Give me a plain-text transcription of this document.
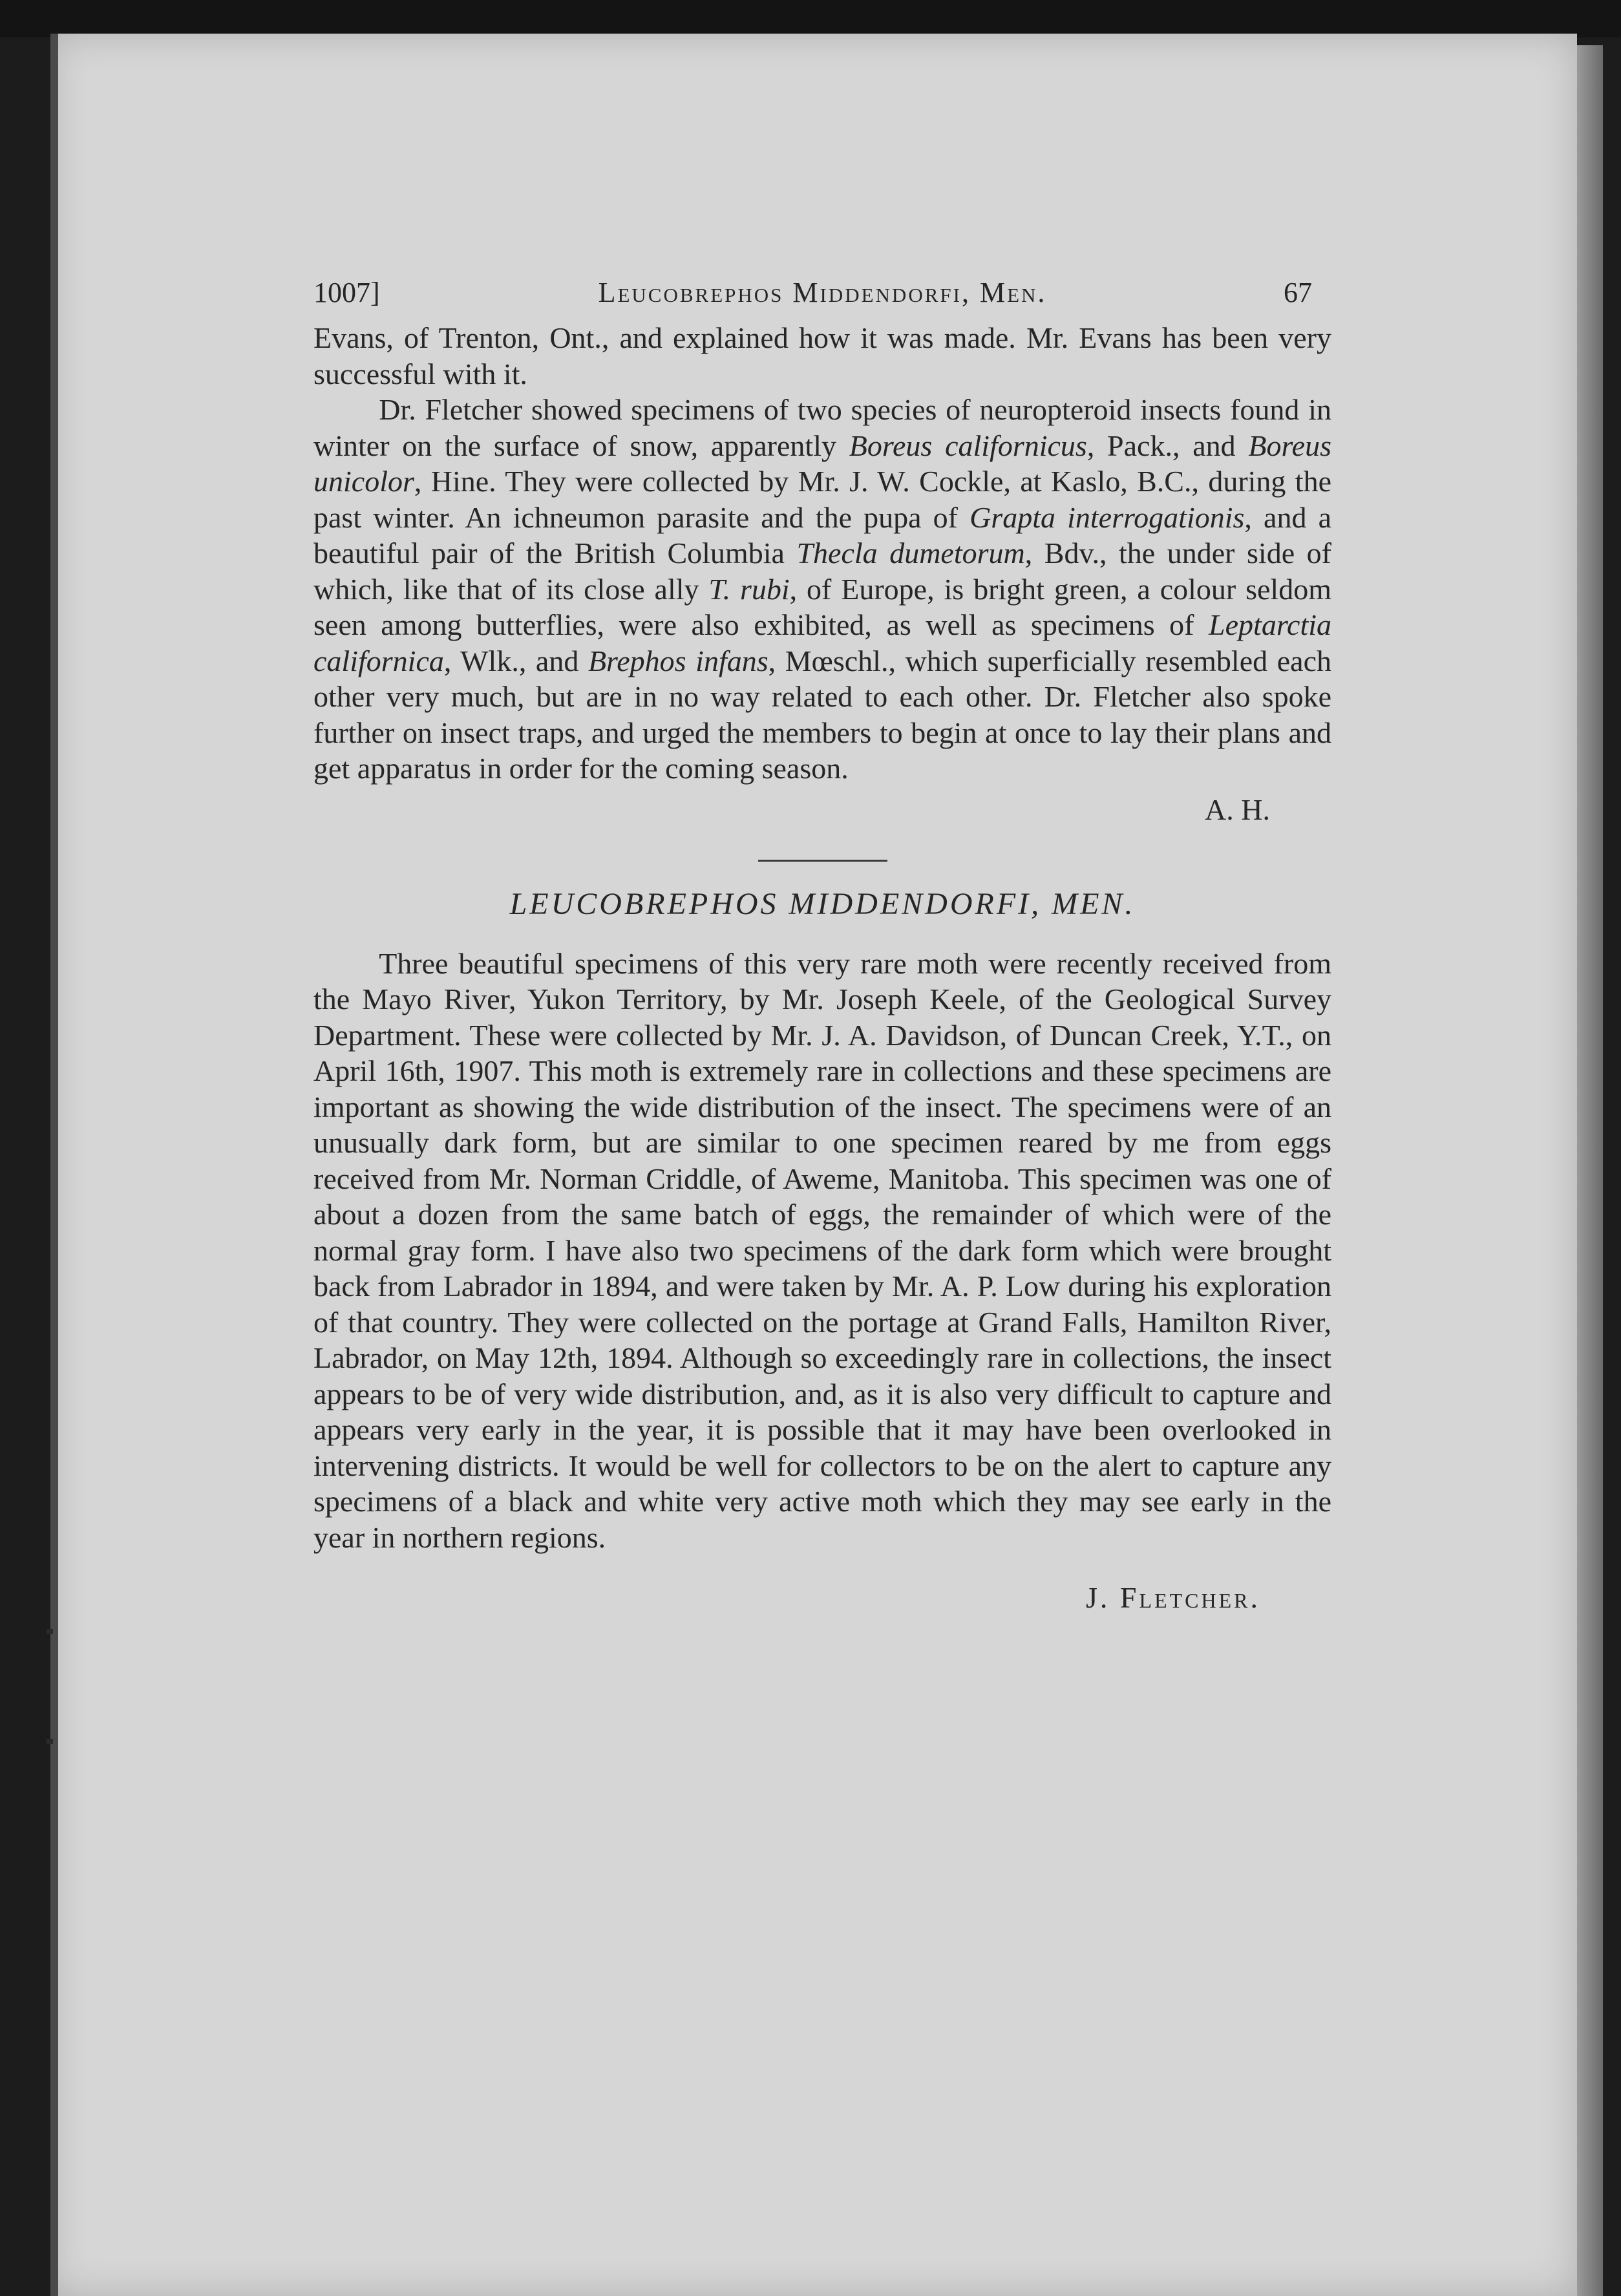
1007]	Leucobrephos Middendorfi, Men.	67

Evans, of Trenton, Ont., and explained how it was made. Mr. Evans has been very successful with it.

Dr. Fletcher showed specimens of two species of neuropteroid insects found in winter on the surface of snow, apparently Boreus californicus, Pack., and Boreus unicolor, Hine. They were collected by Mr. J. W. Cockle, at Kaslo, B.C., during the past winter. An ichneumon parasite and the pupa of Grapta interrogationis, and a beautiful pair of the British Columbia Thecla dumetorum, Bdv., the under side of which, like that of its close ally T. rubi, of Europe, is bright green, a colour seldom seen among butterflies, were also exhibited, as well as specimens of Leptarctia californica, Wlk., and Brephos infans, Mœschl., which superficially resembled each other very much, but are in no way related to each other. Dr. Fletcher also spoke further on insect traps, and urged the members to begin at once to lay their plans and get apparatus in order for the coming season.

A. H.
LEUCOBREPHOS MIDDENDORFI, MEN.

Three beautiful specimens of this very rare moth were recently received from the Mayo River, Yukon Territory, by Mr. Joseph Keele, of the Geological Survey Department. These were collected by Mr. J. A. Davidson, of Duncan Creek, Y.T., on April 16th, 1907. This moth is extremely rare in collections and these specimens are important as showing the wide distribution of the insect. The specimens were of an unusually dark form, but are similar to one specimen reared by me from eggs received from Mr. Norman Criddle, of Aweme, Manitoba. This specimen was one of about a dozen from the same batch of eggs, the remainder of which were of the normal gray form. I have also two specimens of the dark form which were brought back from Labrador in 1894, and were taken by Mr. A. P. Low during his exploration of that country. They were collected on the portage at Grand Falls, Hamilton River, Labrador, on May 12th, 1894. Although so exceedingly rare in collections, the insect appears to be of very wide distribution, and, as it is also very difficult to capture and appears very early in the year, it is possible that it may have been overlooked in intervening districts. It would be well for collectors to be on the alert to capture any specimens of a black and white very active moth which they may see early in the year in northern regions.

J. Fletcher.
